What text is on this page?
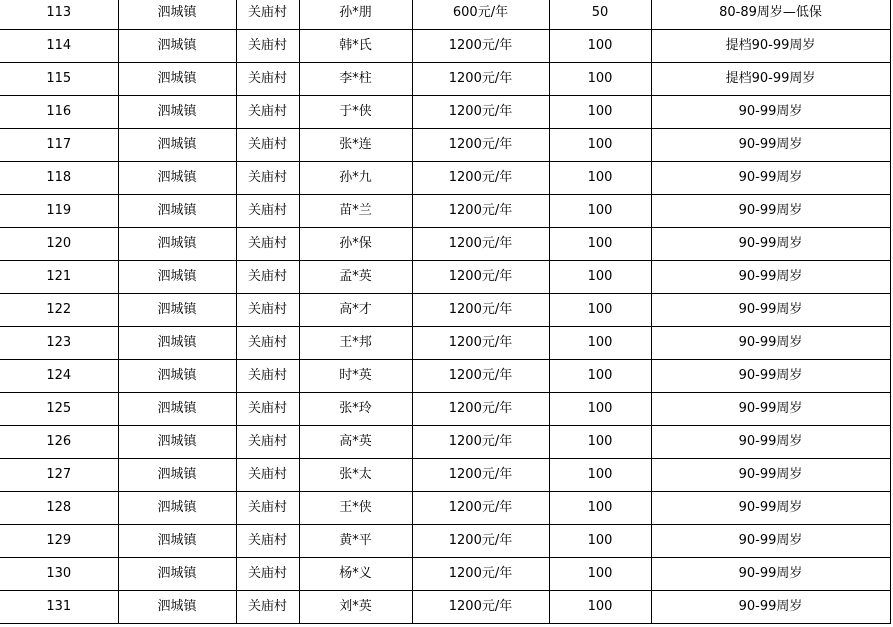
113	泗城镇	关庙村	孙*朋	600元/年	50	80-89周岁—低保
114	泗城镇	关庙村	韩*氏	1200元/年	100	提档90-99周岁
115	泗城镇	关庙村	李*柱	1200元/年	100	提档90-99周岁
116	泗城镇	关庙村	于*侠	1200元/年	100	90-99周岁
117	泗城镇	关庙村	张*连	1200元/年	100	90-99周岁
118	泗城镇	关庙村	孙*九	1200元/年	100	90-99周岁
119	泗城镇	关庙村	苗*兰	1200元/年	100	90-99周岁
120	泗城镇	关庙村	孙*保	1200元/年	100	90-99周岁
121	泗城镇	关庙村	孟*英	1200元/年	100	90-99周岁
122	泗城镇	关庙村	高*才	1200元/年	100	90-99周岁
123	泗城镇	关庙村	王*邦	1200元/年	100	90-99周岁
124	泗城镇	关庙村	时*英	1200元/年	100	90-99周岁
125	泗城镇	关庙村	张*玲	1200元/年	100	90-99周岁
126	泗城镇	关庙村	高*英	1200元/年	100	90-99周岁
127	泗城镇	关庙村	张*太	1200元/年	100	90-99周岁
128	泗城镇	关庙村	王*侠	1200元/年	100	90-99周岁
129	泗城镇	关庙村	黄*平	1200元/年	100	90-99周岁
130	泗城镇	关庙村	杨*义	1200元/年	100	90-99周岁
131	泗城镇	关庙村	刘*英	1200元/年	100	90-99周岁
